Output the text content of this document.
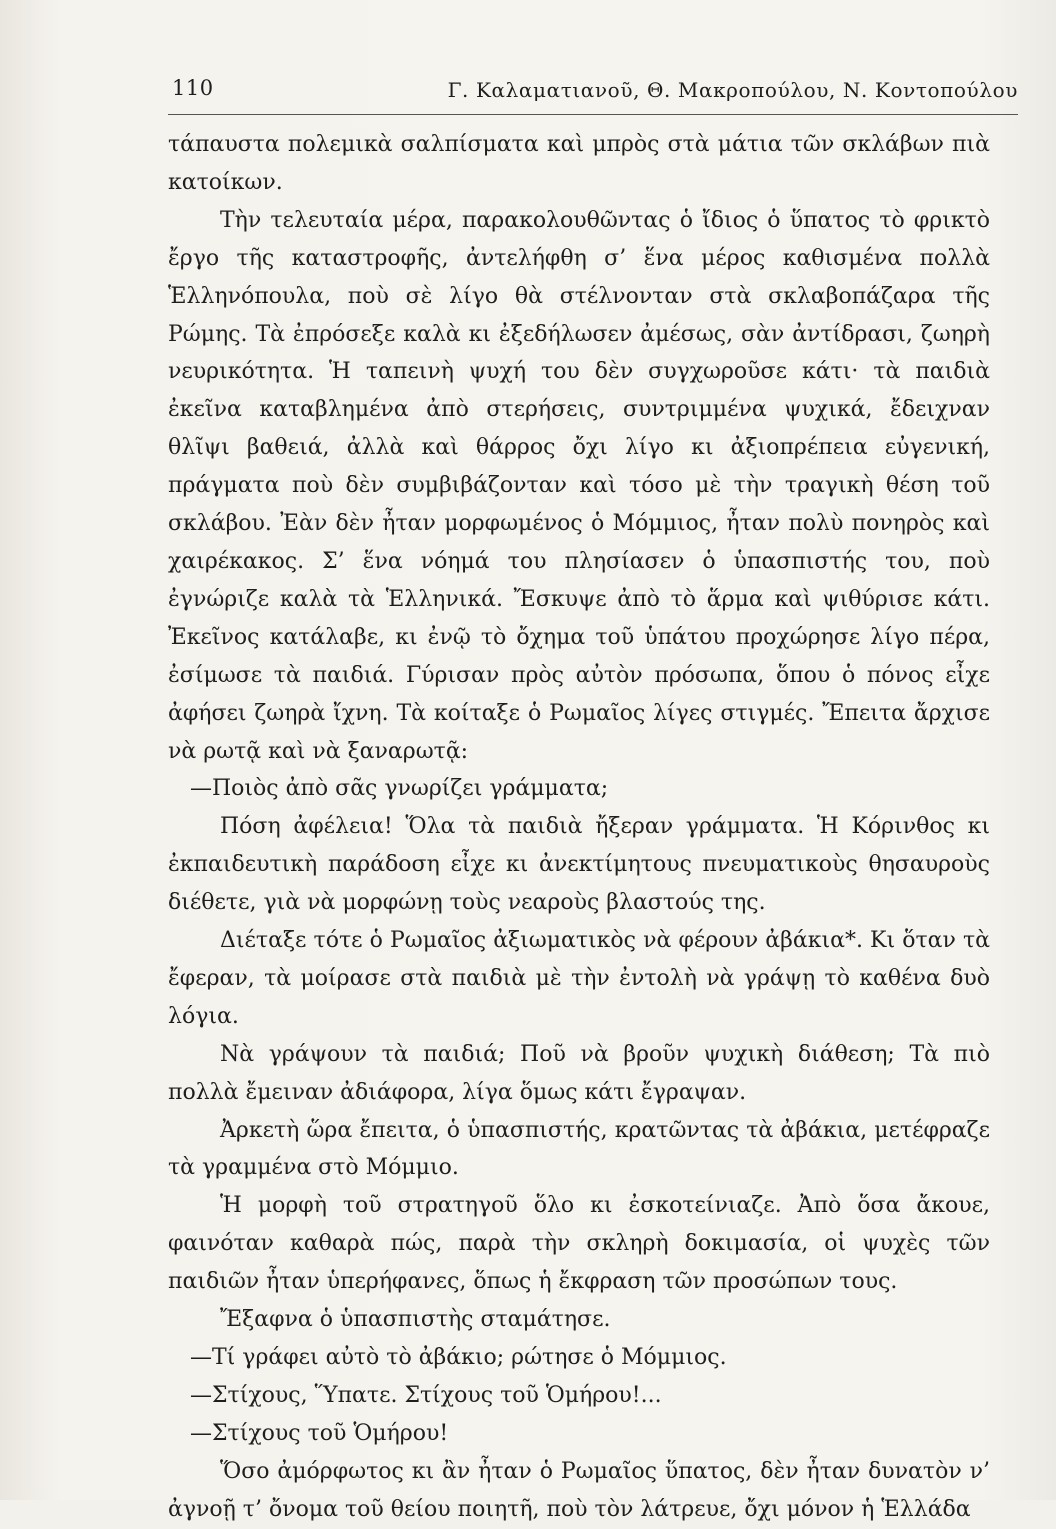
110	Γ. Καλαματιανοῦ, Θ. Μακροπούλου, Ν. Κοντοπούλου

τάπαυστα πολεμικὰ σαλπίσματα καὶ μπρὸς στὰ μάτια τῶν σκλάβων πιὰ κατοίκων.

Τὴν τελευταία μέρα, παρακολουθῶντας ὁ ἴδιος ὁ ὕπατος τὸ φρικτὸ ἔργο τῆς καταστροφῆς, ἀντελήφθη σ’ ἕνα μέρος καθισμένα πολλὰ Ἑλληνόπουλα, ποὺ σὲ λίγο θὰ στέλνονταν στὰ σκλαβοπάζαρα τῆς Ρώμης. Τὰ ἐπρόσεξε καλὰ κι ἐξεδήλωσεν ἀμέσως, σὰν ἀντίδρασι, ζωηρὴ νευρικότητα. Ἡ ταπεινὴ ψυχή του δὲν συγχωροῦσε κάτι· τὰ παιδιὰ ἐκεῖνα καταβλημένα ἀπὸ στερήσεις, συντριμμένα ψυχικά, ἔδειχναν θλῖψι βαθειά, ἀλλὰ καὶ θάρρος ὄχι λίγο κι ἀξιοπρέπεια εὐγενική, πράγματα ποὺ δὲν συμβιβάζονταν καὶ τόσο μὲ τὴν τραγικὴ θέση τοῦ σκλάβου. Ἐὰν δὲν ἦταν μορφωμένος ὁ Μόμμιος, ἦταν πολὺ πονηρὸς καὶ χαιρέκακος. Σ’ ἕνα νόημά του πλησίασεν ὁ ὑπασπιστής του, ποὺ ἐγνώριζε καλὰ τὰ Ἑλληνικά. Ἔσκυψε ἀπὸ τὸ ἅρμα καὶ ψιθύρισε κάτι. Ἐκεῖνος κατάλαβε, κι ἐνῷ τὸ ὄχημα τοῦ ὑπάτου προχώρησε λίγο πέρα, ἐσίμωσε τὰ παιδιά. Γύρισαν πρὸς αὐτὸν πρόσωπα, ὅπου ὁ πόνος εἶχε ἀφήσει ζωηρὰ ἴχνη. Τὰ κοίταξε ὁ Ρωμαῖος λίγες στιγμές. Ἔπειτα ἄρχισε νὰ ρωτᾷ καὶ νὰ ξαναρωτᾷ:

—Ποιὸς ἀπὸ σᾶς γνωρίζει γράμματα;

Πόση ἀφέλεια! Ὅλα τὰ παιδιὰ ἤξεραν γράμματα. Ἡ Κόρινθος κι ἐκπαιδευτικὴ παράδοση εἶχε κι ἀνεκτίμητους πνευματικοὺς θησαυροὺς διέθετε, γιὰ νὰ μορφώνῃ τοὺς νεαροὺς βλαστούς της.

Διέταξε τότε ὁ Ρωμαῖος ἀξιωματικὸς νὰ φέρουν ἀβάκια*. Κι ὅταν τὰ ἔφεραν, τὰ μοίρασε στὰ παιδιὰ μὲ τὴν ἐντολὴ νὰ γράψῃ τὸ καθένα δυὸ λόγια.

Νὰ γράψουν τὰ παιδιά; Ποῦ νὰ βροῦν ψυχικὴ διάθεση; Τὰ πιὸ πολλὰ ἔμειναν ἀδιάφορα, λίγα ὅμως κάτι ἔγραψαν.

Ἀρκετὴ ὥρα ἔπειτα, ὁ ὑπασπιστής, κρατῶντας τὰ ἀβάκια, μετέφραζε τὰ γραμμένα στὸ Μόμμιο.

Ἡ μορφὴ τοῦ στρατηγοῦ ὅλο κι ἐσκοτείνιαζε. Ἀπὸ ὅσα ἄκουε, φαινόταν καθαρὰ πώς, παρὰ τὴν σκληρὴ δοκιμασία, οἱ ψυχὲς τῶν παιδιῶν ἦταν ὑπερήφανες, ὅπως ἡ ἔκφραση τῶν προσώπων τους.

Ἔξαφνα ὁ ὑπασπιστὴς σταμάτησε.

—Τί γράφει αὐτὸ τὸ ἀβάκιο; ρώτησε ὁ Μόμμιος.

—Στίχους, Ὕπατε. Στίχους τοῦ Ὁμήρου!...

—Στίχους τοῦ Ὁμήρου!

Ὅσο ἀμόρφωτος κι ἂν ἦταν ὁ Ρωμαῖος ὕπατος, δὲν ἦταν δυνατὸν ν’ ἀγνοῇ τ’ ὄνομα τοῦ θείου ποιητῆ, ποὺ τὸν λάτρευε, ὄχι μόνον ἡ Ἑλλάδα
